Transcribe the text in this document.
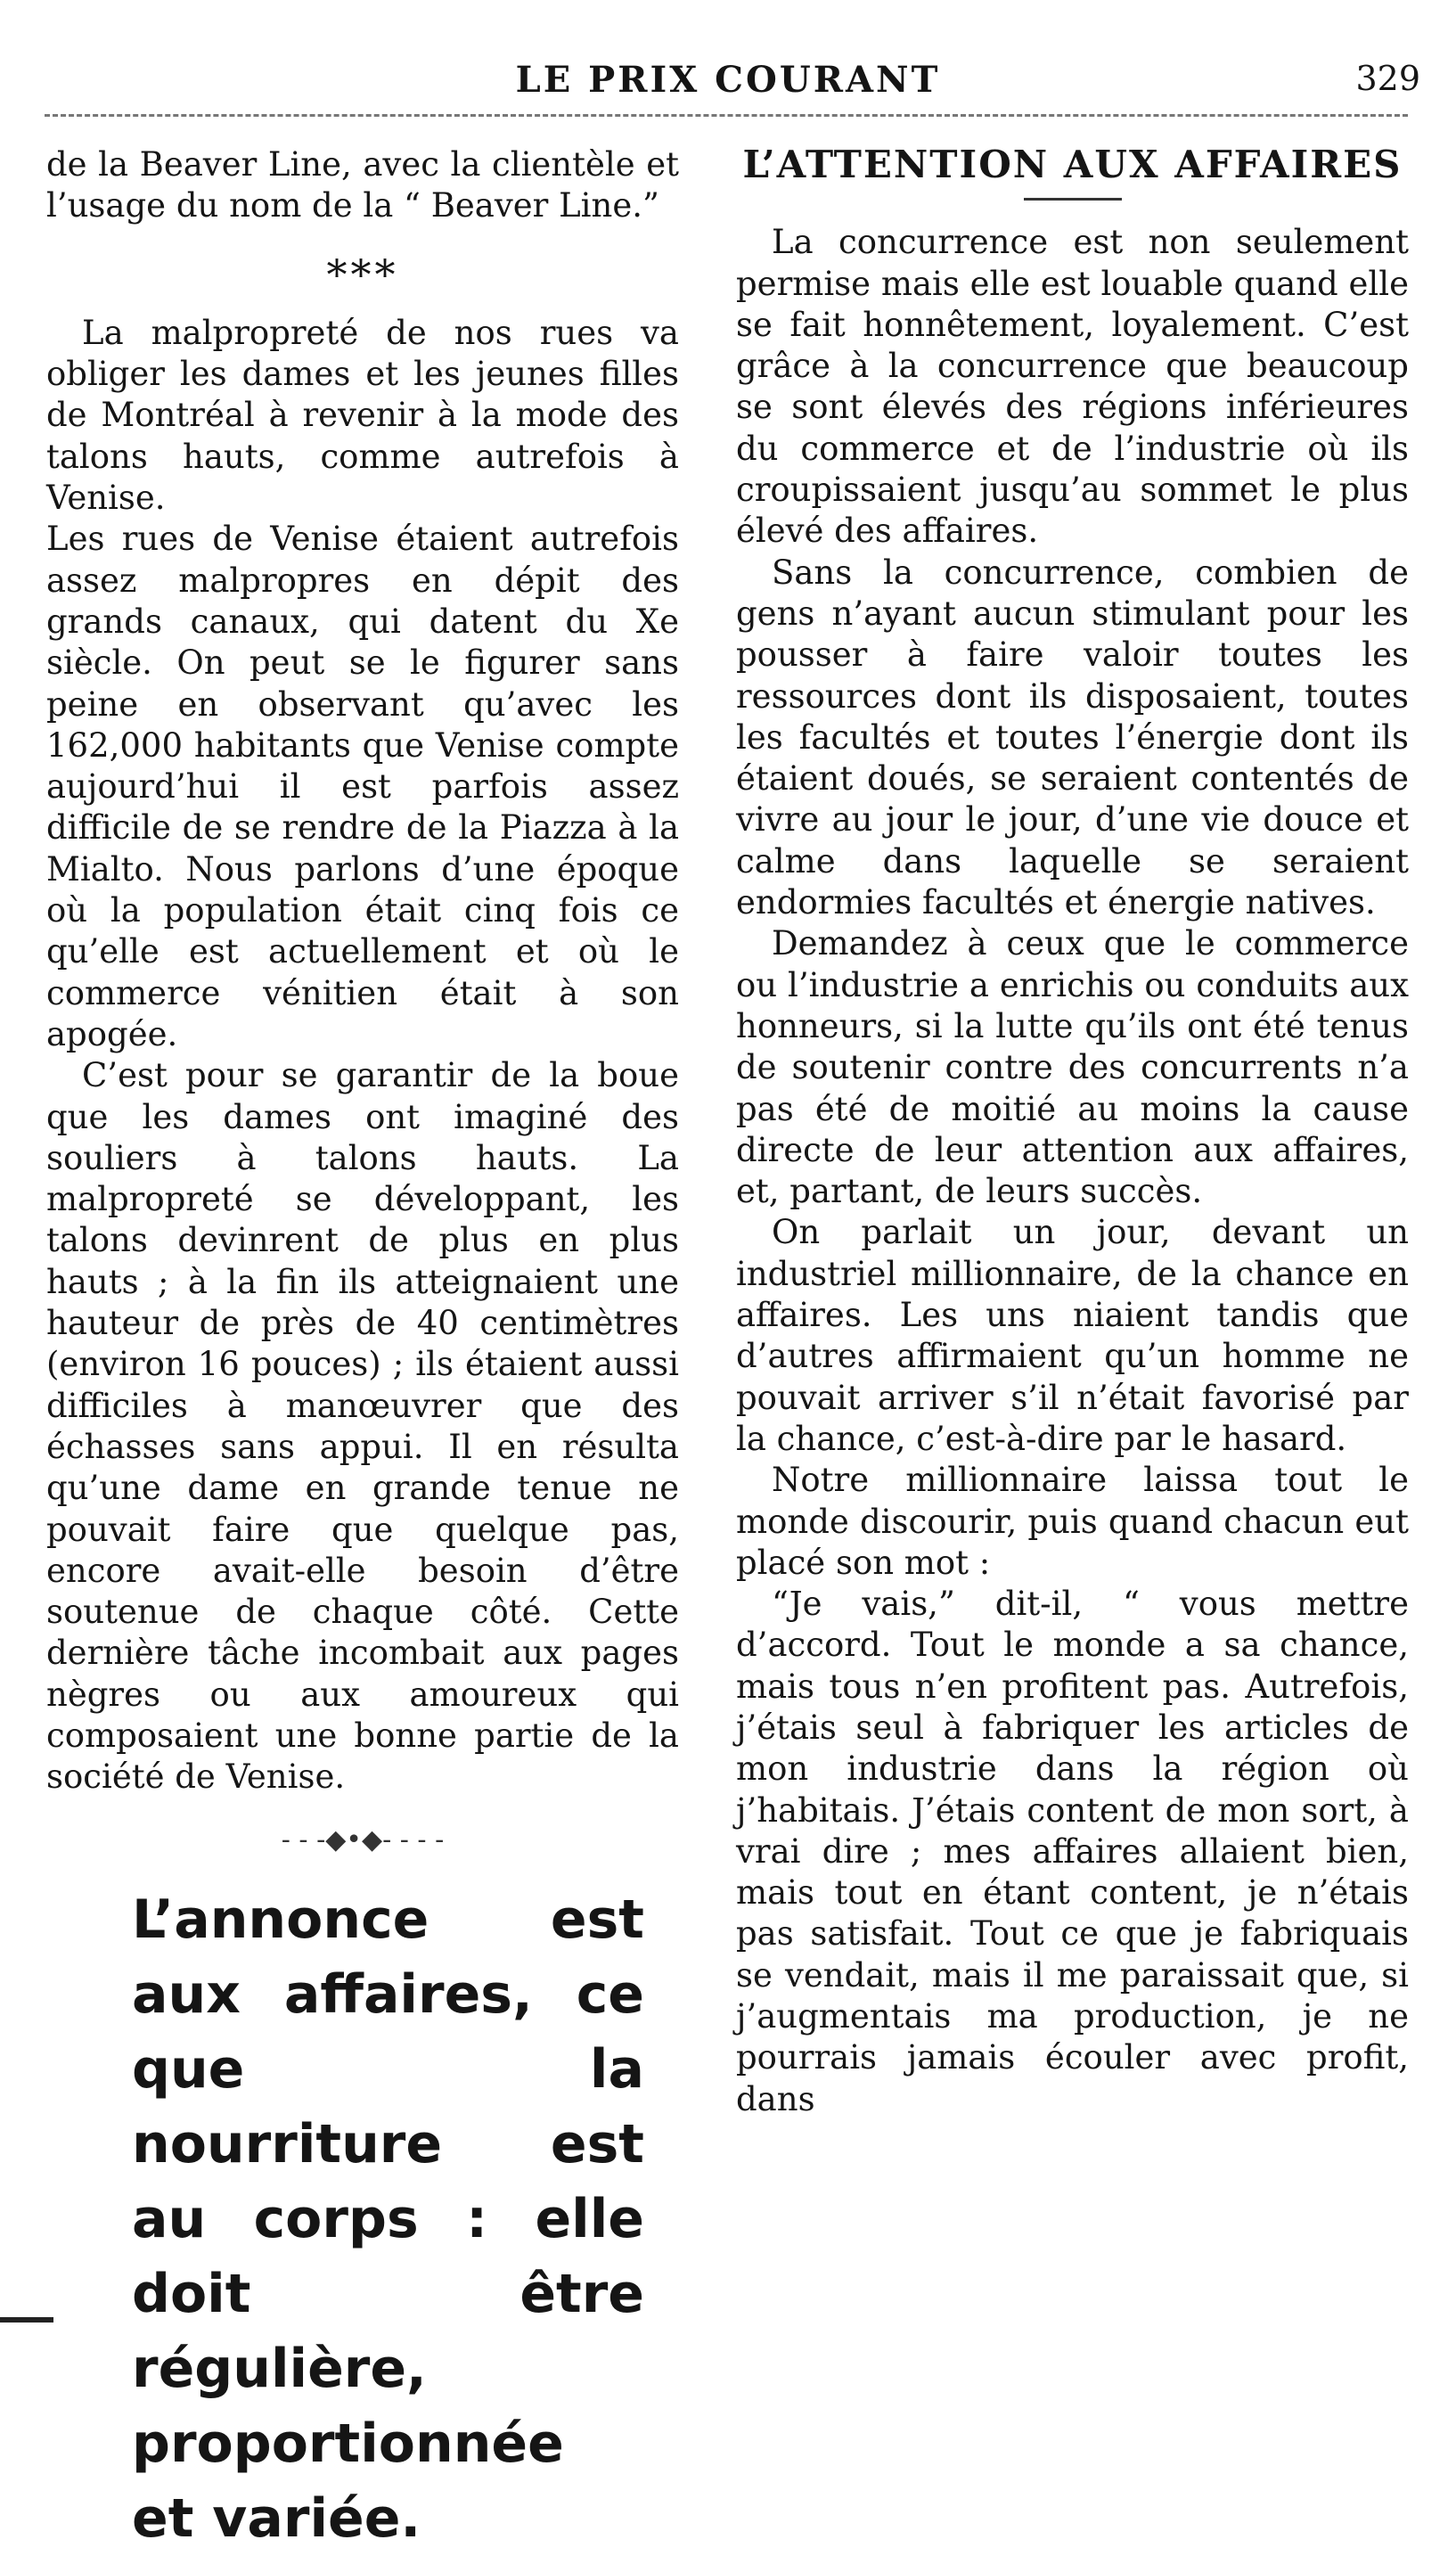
LE PRIX COURANT	329

de la Beaver Line, avec la clientèle et l’usage du nom de la “ Beaver Line.”

***

La malpropreté de nos rues va obliger les dames et les jeunes filles de Montréal à revenir à la mode des talons hauts, comme autrefois à Venise.

Les rues de Venise étaient autrefois assez malpropres en dépit des grands canaux, qui datent du Xe siècle. On peut se le figurer sans peine en observant qu’avec les 162,000 habitants que Venise compte aujourd’hui il est parfois assez difficile de se rendre de la Piazza à la Mialto. Nous parlons d’une époque où la population était cinq fois ce qu’elle est actuellement et où le commerce vénitien était à son apogée.

C’est pour se garantir de la boue que les dames ont imaginé des souliers à talons hauts. La malpropreté se développant, les talons devinrent de plus en plus hauts ; à la fin ils atteignaient une hauteur de près de 40 centimètres (environ 16 pouces) ; ils étaient aussi difficiles à manœuvrer que des échasses sans appui. Il en résulta qu’une dame en grande tenue ne pouvait faire que quelque pas, encore avait-elle besoin d’être soutenue de chaque côté. Cette dernière tâche incombait aux pages nègres ou aux amoureux qui composaient une bonne partie de la société de Venise.

- - -◆•◆- - - -
L’annonce est aux affaires, ce que la nourriture est au corps : elle doit être régulière, proportionnée et variée.
L’ATTENTION AUX AFFAIRES

La concurrence est non seulement permise mais elle est louable quand elle se fait honnêtement, loyalement. C’est grâce à la concurrence que beaucoup se sont élevés des régions inférieures du commerce et de l’industrie où ils croupissaient jusqu’au sommet le plus élevé des affaires.

Sans la concurrence, combien de gens n’ayant aucun stimulant pour les pousser à faire valoir toutes les ressources dont ils disposaient, toutes les facultés et toutes l’énergie dont ils étaient doués, se seraient contentés de vivre au jour le jour, d’une vie douce et calme dans laquelle se seraient endormies facultés et énergie natives.

Demandez à ceux que le commerce ou l’industrie a enrichis ou conduits aux honneurs, si la lutte qu’ils ont été tenus de soutenir contre des concurrents n’a pas été de moitié au moins la cause directe de leur attention aux affaires, et, partant, de leurs succès.

On parlait un jour, devant un industriel millionnaire, de la chance en affaires. Les uns niaient tandis que d’autres affirmaient qu’un homme ne pouvait arriver s’il n’était favorisé par la chance, c’est-à-dire par le hasard.

Notre millionnaire laissa tout le monde discourir, puis quand chacun eut placé son mot :

“Je vais,” dit-il, “ vous mettre d’accord. Tout le monde a sa chance, mais tous n’en profitent pas. Autrefois, j’étais seul à fabriquer les articles de mon industrie dans la région où j’habitais. J’étais content de mon sort, à vrai dire ; mes affaires allaient bien, mais tout en étant content, je n’étais pas satisfait. Tout ce que je fabriquais se vendait, mais il me paraissait que, si j’augmentais ma production, je ne pourrais jamais écouler avec profit, dans
